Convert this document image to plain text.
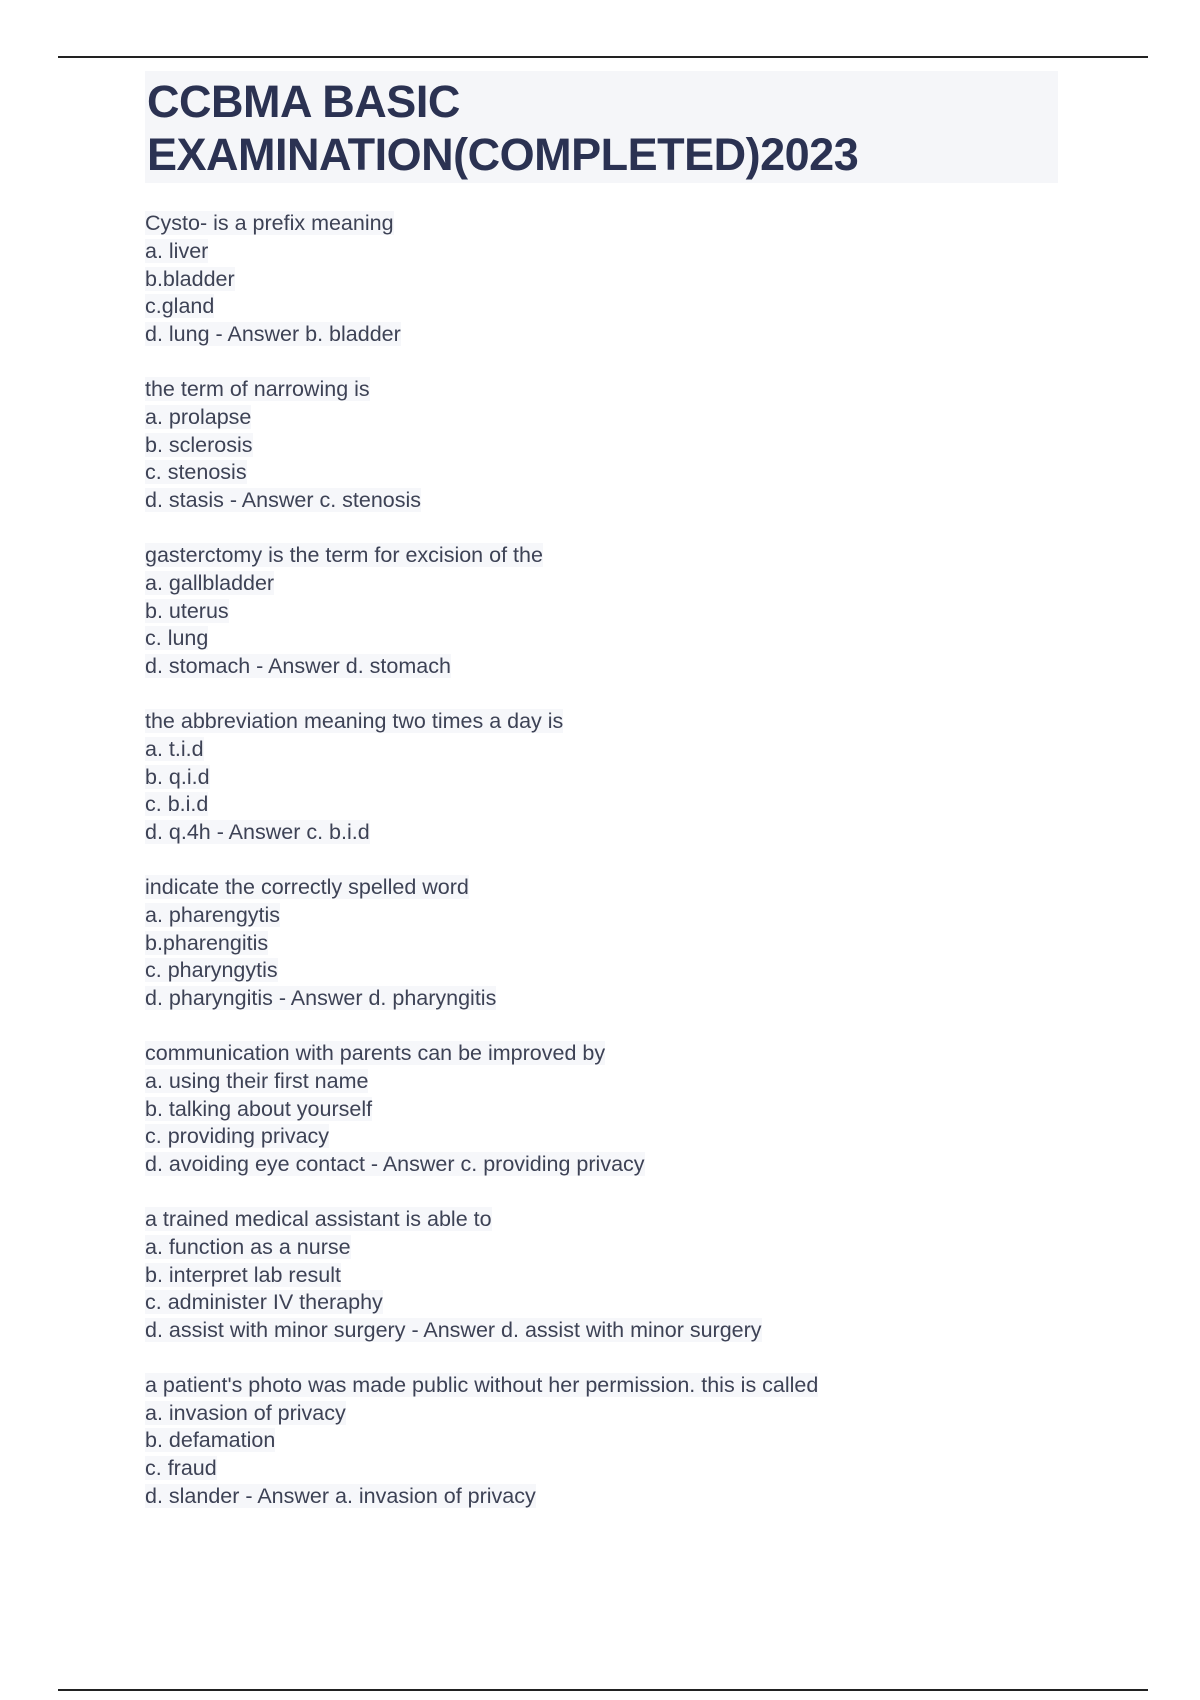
CCBMA BASIC
EXAMINATION(COMPLETED)2023
Cysto- is a prefix meaning
a. liver
b.bladder
c.gland
d. lung - Answer b. bladder
the term of narrowing is
a. prolapse
b. sclerosis
c. stenosis
d. stasis - Answer c. stenosis
gasterctomy is the term for excision of the
a. gallbladder
b. uterus
c. lung
d. stomach - Answer d. stomach
the abbreviation meaning two times a day is
a. t.i.d
b. q.i.d
c. b.i.d
d. q.4h - Answer c. b.i.d
indicate the correctly spelled word
a. pharengytis
b.pharengitis
c. pharyngytis
d. pharyngitis - Answer d. pharyngitis
communication with parents can be improved by
a. using their first name
b. talking about yourself
c. providing privacy
d. avoiding eye contact - Answer c. providing privacy
a trained medical assistant is able to
a. function as a nurse
b. interpret lab result
c. administer IV theraphy
d. assist with minor surgery - Answer d. assist with minor surgery
a patient's photo was made public without her permission. this is called
a. invasion of privacy
b. defamation
c. fraud
d. slander - Answer a. invasion of privacy
